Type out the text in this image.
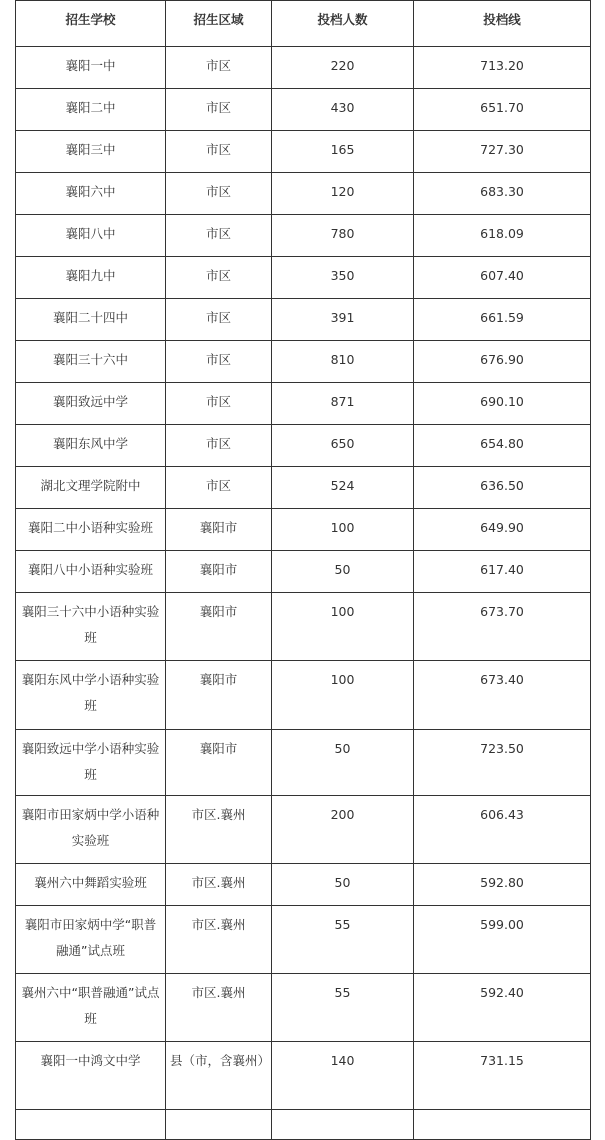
招生学校	招生区域	投档人数	投档线
襄阳一中	市区	220	713.20
襄阳二中	市区	430	651.70
襄阳三中	市区	165	727.30
襄阳六中	市区	120	683.30
襄阳八中	市区	780	618.09
襄阳九中	市区	350	607.40
襄阳二十四中	市区	391	661.59
襄阳三十六中	市区	810	676.90
襄阳致远中学	市区	871	690.10
襄阳东风中学	市区	650	654.80
湖北文理学院附中	市区	524	636.50
襄阳二中小语种实验班	襄阳市	100	649.90
襄阳八中小语种实验班	襄阳市	50	617.40
襄阳三十六中小语种实验班	襄阳市	100	673.70
襄阳东风中学小语种实验班	襄阳市	100	673.40
襄阳致远中学小语种实验班	襄阳市	50	723.50
襄阳市田家炳中学小语种实验班	市区.襄州	200	606.43
襄州六中舞蹈实验班	市区.襄州	50	592.80
襄阳市田家炳中学“职普融通”试点班	市区.襄州	55	599.00
襄州六中“职普融通”试点班	市区.襄州	55	592.40
襄阳一中鸿文中学	县（市，含襄州）	140	731.15
